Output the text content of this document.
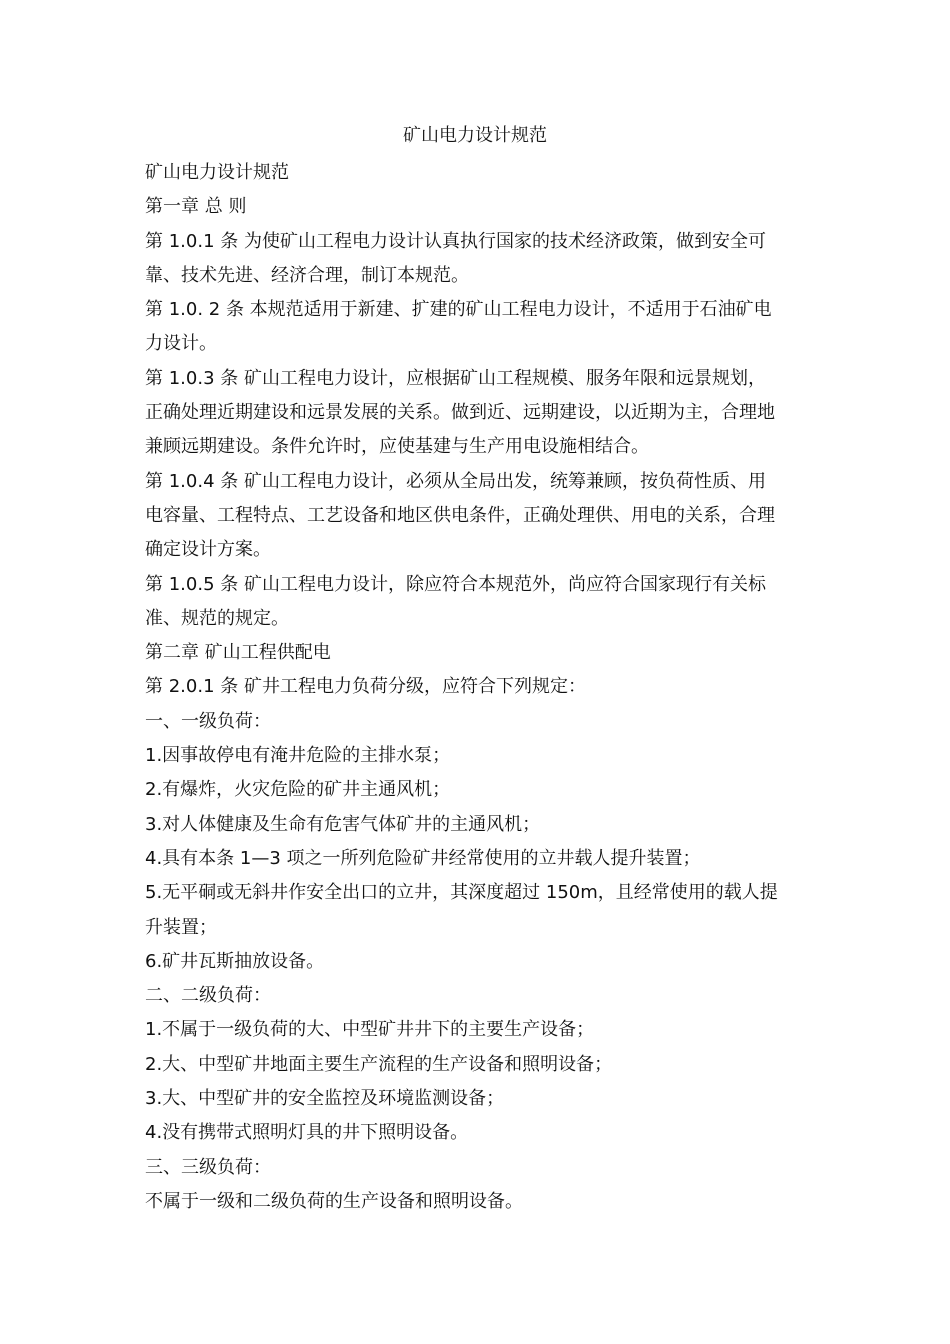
矿山电力设计规范
矿山电力设计规范
第一章 总 则
第 1.0.1 条 为使矿山工程电力设计认真执行国家的技术经济政策，做到安全可
靠、技术先进、经济合理，制订本规范。
第 1.0. 2 条 本规范适用于新建、扩建的矿山工程电力设计，不适用于石油矿电
力设计。
第 1.0.3 条 矿山工程电力设计，应根据矿山工程规模、服务年限和远景规划，
正确处理近期建设和远景发展的关系。做到近、远期建设，以近期为主，合理地
兼顾远期建设。条件允许时，应使基建与生产用电设施相结合。
第 1.0.4 条 矿山工程电力设计，必须从全局出发，统筹兼顾，按负荷性质、用
电容量、工程特点、工艺设备和地区供电条件，正确处理供、用电的关系，合理
确定设计方案。
第 1.0.5 条 矿山工程电力设计，除应符合本规范外，尚应符合国家现行有关标
准、规范的规定。
第二章 矿山工程供配电
第 2.0.1 条 矿井工程电力负荷分级，应符合下列规定：
一、一级负荷：
1.因事故停电有淹井危险的主排水泵；
2.有爆炸，火灾危险的矿井主通风机；
3.对人体健康及生命有危害气体矿井的主通风机；
4.具有本条 1—3 项之一所列危险矿井经常使用的立井载人提升装置；
5.无平硐或无斜井作安全出口的立井，其深度超过 150m，且经常使用的载人提
升装置；
6.矿井瓦斯抽放设备。
二、二级负荷：
1.不属于一级负荷的大、中型矿井井下的主要生产设备；
2.大、中型矿井地面主要生产流程的生产设备和照明设备；
3.大、中型矿井的安全监控及环境监测设备；
4.没有携带式照明灯具的井下照明设备。
三、三级负荷：
不属于一级和二级负荷的生产设备和照明设备。
